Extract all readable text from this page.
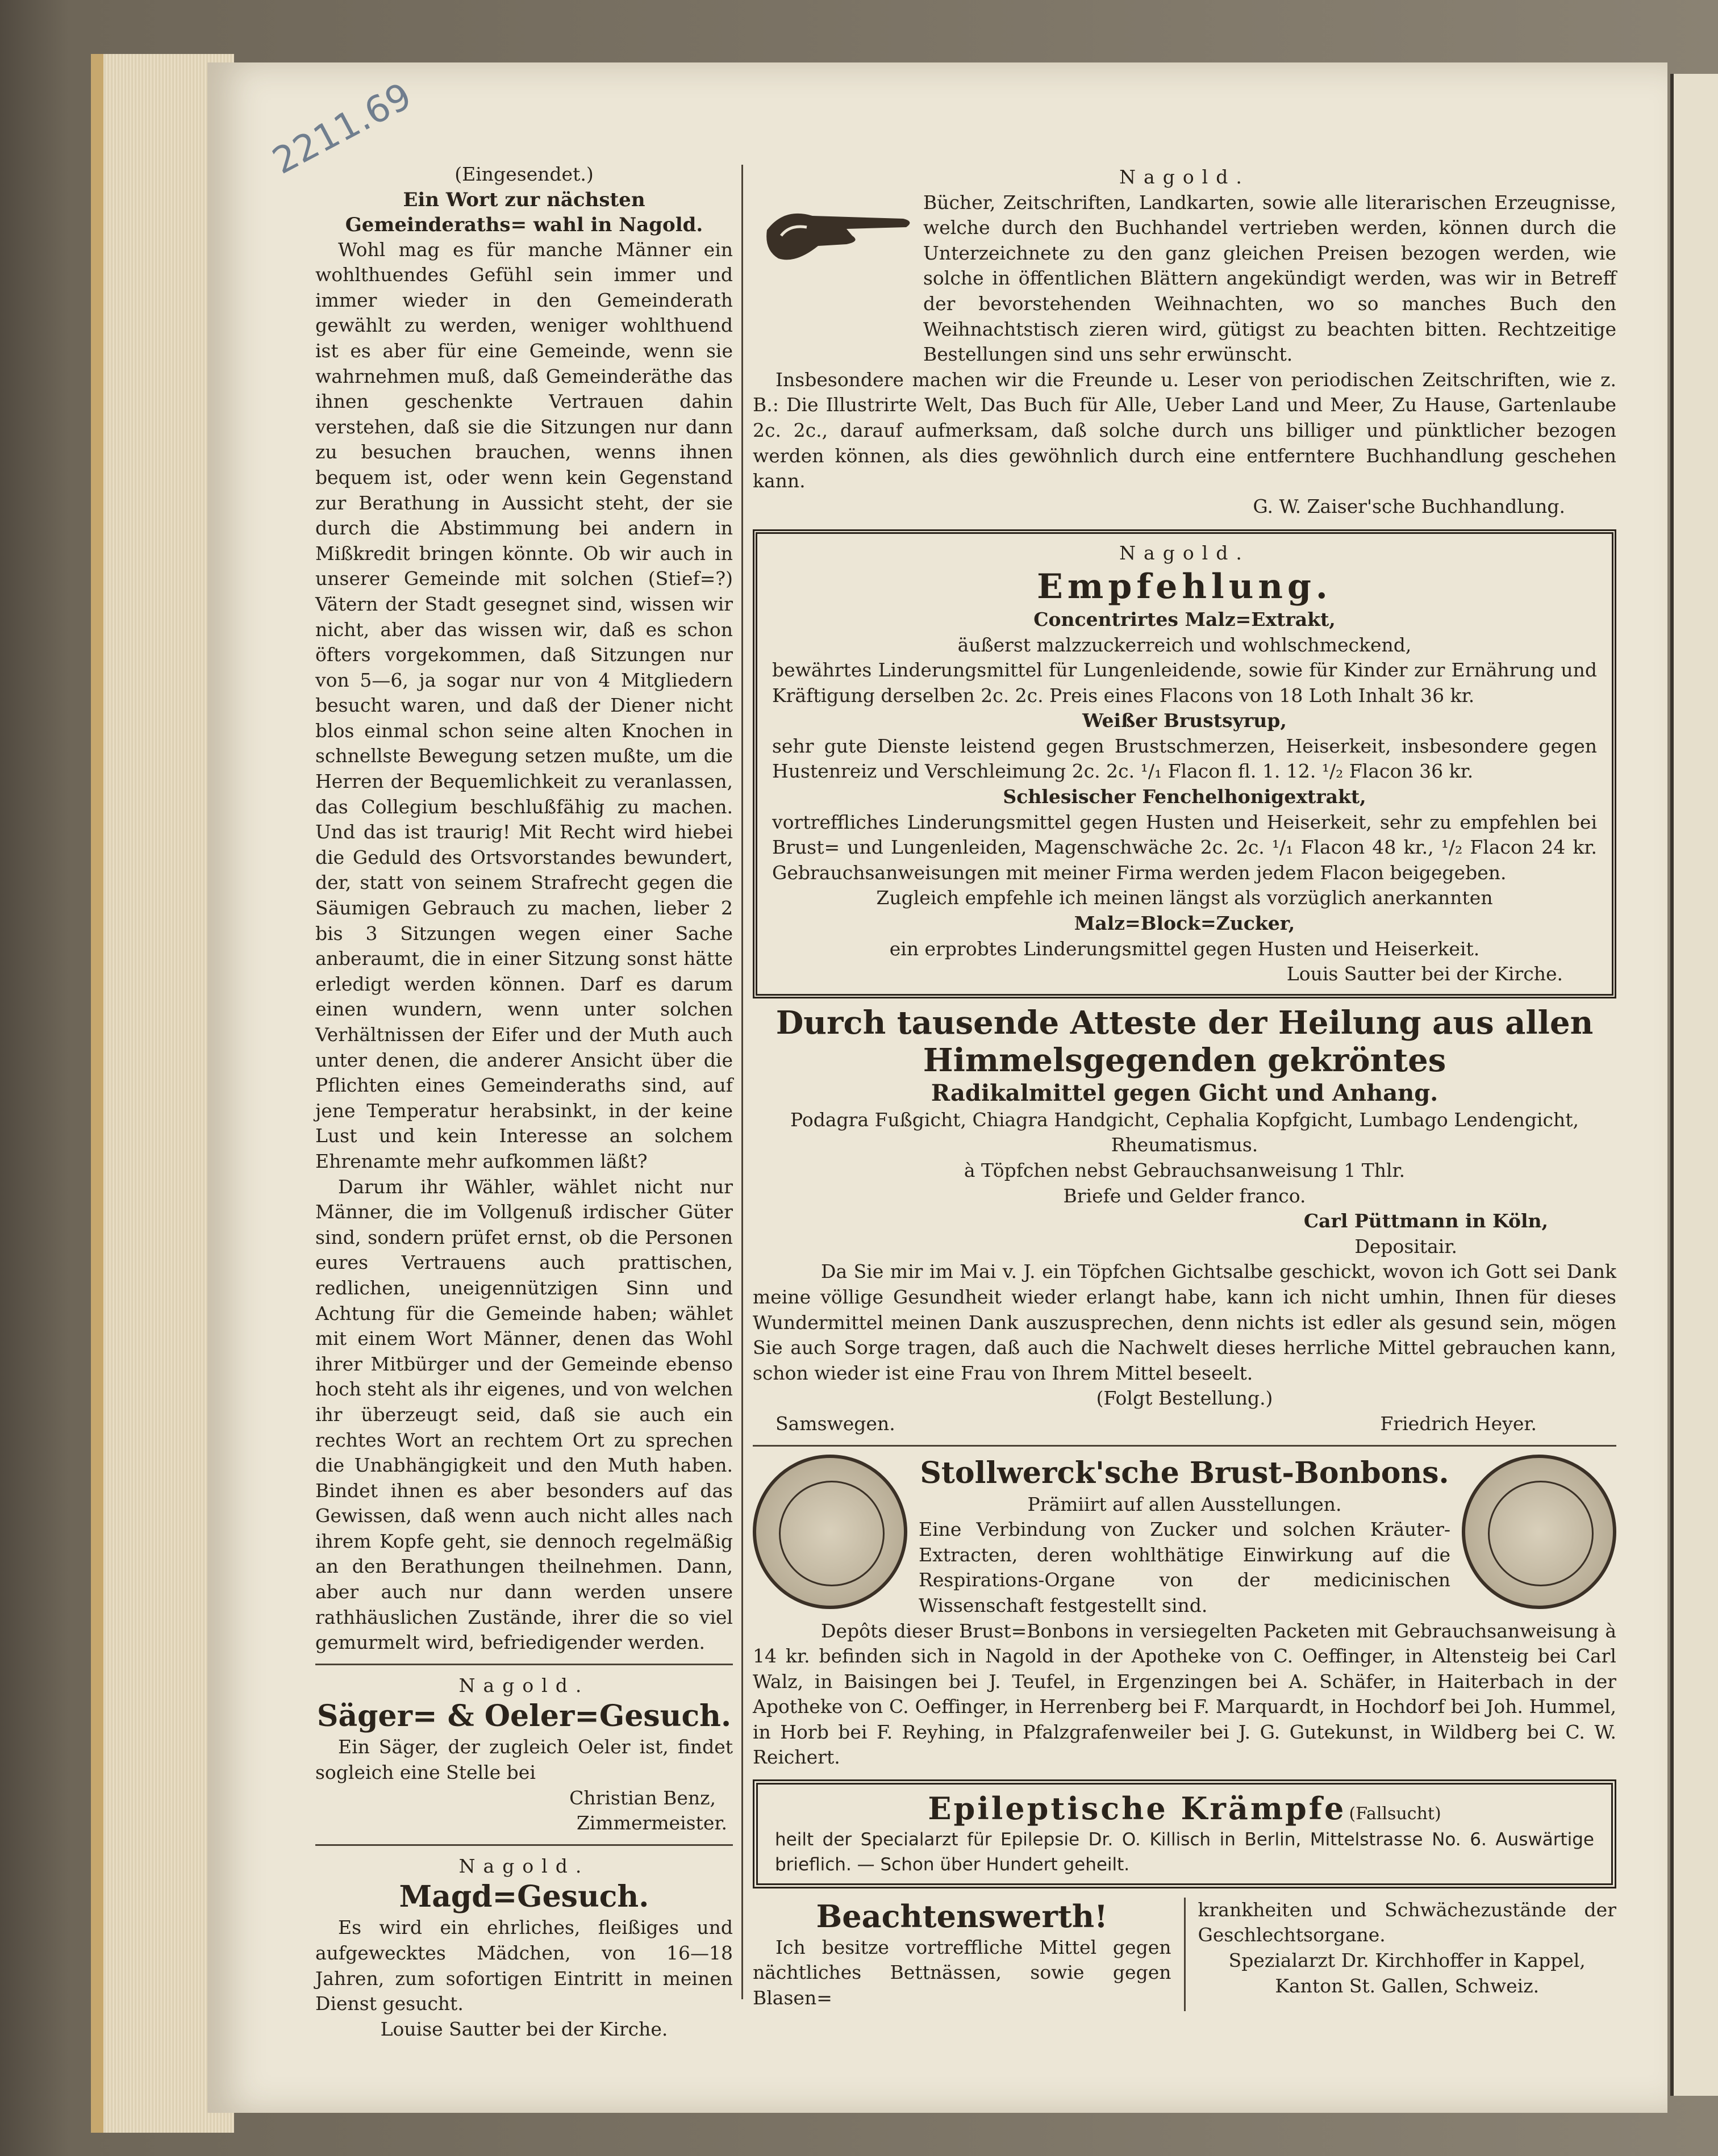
2211.69	(Eingesendet.)

Ein Wort zur nächsten Gemeinderaths= wahl in Nagold.

Wohl mag es für manche Männer ein wohlthuendes Gefühl sein immer und immer wieder in den Gemeinderath gewählt zu werden, weniger wohlthuend ist es aber für eine Gemeinde, wenn sie wahrnehmen muß, daß Gemeinderäthe das ihnen geschenkte Vertrauen dahin verstehen, daß sie die Sitzungen nur dann zu besuchen brauchen, wenns ihnen bequem ist, oder wenn kein Gegenstand zur Berathung in Aussicht steht, der sie durch die Abstimmung bei andern in Mißkredit bringen könnte. Ob wir auch in unserer Gemeinde mit solchen (Stief=?) Vätern der Stadt gesegnet sind, wissen wir nicht, aber das wissen wir, daß es schon öfters vorgekommen, daß Sitzungen nur von 5—6, ja sogar nur von 4 Mitgliedern besucht waren, und daß der Diener nicht blos einmal schon seine alten Knochen in schnellste Bewegung setzen mußte, um die Herren der Bequemlichkeit zu veranlassen, das Collegium beschlußfähig zu machen. Und das ist traurig! Mit Recht wird hiebei die Geduld des Ortsvorstandes bewundert, der, statt von seinem Strafrecht gegen die Säumigen Gebrauch zu machen, lieber 2 bis 3 Sitzungen wegen einer Sache anberaumt, die in einer Sitzung sonst hätte erledigt werden können. Darf es darum einen wundern, wenn unter solchen Verhältnissen der Eifer und der Muth auch unter denen, die anderer Ansicht über die Pflichten eines Gemeinderaths sind, auf jene Temperatur herabsinkt, in der keine Lust und kein Interesse an solchem Ehrenamte mehr aufkommen läßt?

Darum ihr Wähler, wählet nicht nur Männer, die im Vollgenuß irdischer Güter sind, sondern prüfet ernst, ob die Personen eures Vertrauens auch prattischen, redlichen, uneigennützigen Sinn und Achtung für die Gemeinde haben; wählet mit einem Wort Männer, denen das Wohl ihrer Mitbürger und der Gemeinde ebenso hoch steht als ihr eigenes, und von welchen ihr überzeugt seid, daß sie auch ein rechtes Wort an rechtem Ort zu sprechen die Unabhängigkeit und den Muth haben. Bindet ihnen es aber besonders auf das Gewissen, daß wenn auch nicht alles nach ihrem Kopfe geht, sie dennoch regelmäßig an den Berathungen theilnehmen. Dann, aber auch nur dann werden unsere rathhäuslichen Zustände, ihrer die so viel gemurmelt wird, befriedigender werden.

Nagold.

Säger= & Oeler=Gesuch.

Ein Säger, der zugleich Oeler ist, findet sogleich eine Stelle bei

Christian Benz,

Zimmermeister.

Nagold.

Magd=Gesuch.

Es wird ein ehrliches, fleißiges und aufgewecktes Mädchen, von 16—18 Jahren, zum sofortigen Eintritt in meinen Dienst gesucht.

Louise Sautter bei der Kirche.

Nagold.

Bücher, Zeitschriften, Landkarten, sowie alle literarischen Erzeugnisse, welche durch den Buchhandel vertrieben werden, können durch die Unterzeichnete zu den ganz gleichen Preisen bezogen werden, wie solche in öffentlichen Blättern angekündigt werden, was wir in Betreff der bevorstehenden Weihnachten, wo so manches Buch den Weihnachtstisch zieren wird, gütigst zu beachten bitten. Rechtzeitige Bestellungen sind uns sehr erwünscht.

Insbesondere machen wir die Freunde u. Leser von periodischen Zeitschriften, wie z. B.: Die Illustrirte Welt, Das Buch für Alle, Ueber Land und Meer, Zu Hause, Gartenlaube 2c. 2c., darauf aufmerksam, daß solche durch uns billiger und pünktlicher bezogen werden können, als dies gewöhnlich durch eine entferntere Buchhandlung geschehen kann.

G. W. Zaiser'sche Buchhandlung.

Nagold.

Empfehlung.

Concentrirtes Malz=Extrakt,

äußerst malzzuckerreich und wohlschmeckend,

bewährtes Linderungsmittel für Lungenleidende, sowie für Kinder zur Ernährung und Kräftigung derselben 2c. 2c. Preis eines Flacons von 18 Loth Inhalt 36 kr.

Weißer Brustsyrup,

sehr gute Dienste leistend gegen Brustschmerzen, Heiserkeit, insbesondere gegen Hustenreiz und Verschleimung 2c. 2c. ¹/₁ Flacon fl. 1. 12. ¹/₂ Flacon 36 kr.

Schlesischer Fenchelhonigextrakt,

vortreffliches Linderungsmittel gegen Husten und Heiserkeit, sehr zu empfehlen bei Brust= und Lungenleiden, Magenschwäche 2c. 2c. ¹/₁ Flacon 48 kr., ¹/₂ Flacon 24 kr. Gebrauchsanweisungen mit meiner Firma werden jedem Flacon beigegeben.

Zugleich empfehle ich meinen längst als vorzüglich anerkannten

Malz=Block=Zucker,

ein erprobtes Linderungsmittel gegen Husten und Heiserkeit.

Louis Sautter bei der Kirche.

Durch tausende Atteste der Heilung aus allen

Himmelsgegenden gekröntes

Radikalmittel gegen Gicht und Anhang.

Podagra Fußgicht, Chiagra Handgicht, Cephalia Kopfgicht, Lumbago Lendengicht, Rheumatismus.

à Töpfchen nebst Gebrauchsanweisung 1 Thlr.

Briefe und Gelder franco.

Carl Püttmann in Köln,

Depositair.

Da Sie mir im Mai v. J. ein Töpfchen Gichtsalbe geschickt, wovon ich Gott sei Dank meine völlige Gesundheit wieder erlangt habe, kann ich nicht umhin, Ihnen für dieses Wundermittel meinen Dank auszusprechen, denn nichts ist edler als gesund sein, mögen Sie auch Sorge tragen, daß auch die Nachwelt dieses herrliche Mittel gebrauchen kann, schon wieder ist eine Frau von Ihrem Mittel beseelt.

(Folgt Bestellung.)

Samswegen.	Friedrich Heyer.

Stollwerck'sche Brust-Bonbons.

Prämiirt auf allen Ausstellungen.

Eine Verbindung von Zucker und solchen Kräuter-Extracten, deren wohlthätige Einwirkung auf die Respirations-Organe von der medicinischen Wissenschaft festgestellt sind.

Depôts dieser Brust=Bonbons in versiegelten Packeten mit Gebrauchsanweisung à 14 kr. befinden sich in Nagold in der Apotheke von C. Oeffinger, in Altensteig bei Carl Walz, in Baisingen bei J. Teufel, in Ergenzingen bei A. Schäfer, in Haiterbach in der Apotheke von C. Oeffinger, in Herrenberg bei F. Marquardt, in Hochdorf bei Joh. Hummel, in Horb bei F. Reyhing, in Pfalzgrafenweiler bei J. G. Gutekunst, in Wildberg bei C. W. Reichert.

Epileptische Krämpfe (Fallsucht)

heilt der Specialarzt für Epilepsie Dr. O. Killisch in Berlin, Mittelstrasse No. 6. Auswärtige brieflich. — Schon über Hundert geheilt.

Beachtenswerth!

Ich besitze vortreffliche Mittel gegen nächtliches Bettnässen, sowie gegen Blasen=

krankheiten und Schwächezustände der Geschlechtsorgane.

Spezialarzt Dr. Kirchhoffer in Kappel, Kanton St. Gallen, Schweiz.
